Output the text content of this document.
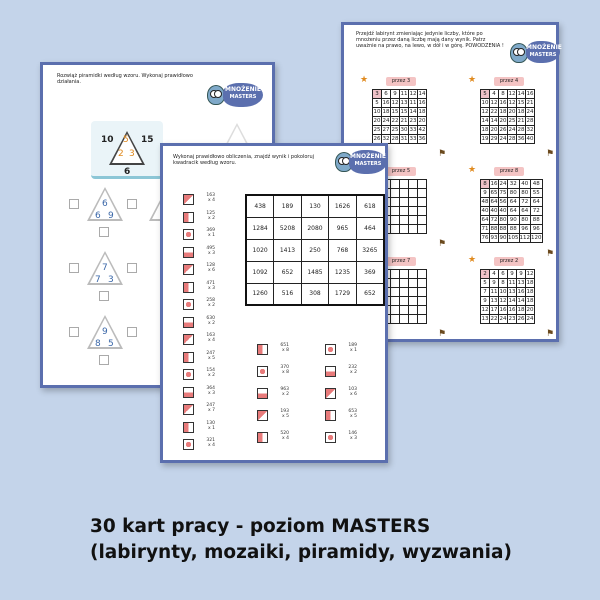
Przejdź labirynt zmieniając jedynie liczby, które po mnożeniu przez daną liczbę mają dany wynik. Patrz uważnie na prawo, na lewo, w dół i w górę. POWODZENIA !	MNOŻENIE
MASTERS
★	przez 3
3	6	9	11	12	14
5	16	12	13	11	16
10	18	15	15	14	18
20	24	22	21	23	20
25	27	25	30	33	42
26	32	28	31	33	36
⚑
★	przez 4
5	4	8	12	14	16
10	12	16	12	15	21
12	22	18	20	18	24
14	14	20	25	21	28
18	20	26	24	28	32
19	29	24	28	36	40
⚑
przez 5

⚑
★	przez 8
8	16	24	32	40	48
9	65	75	80	80	55
48	64	56	64	72	64
40	40	40	64	64	72
64	72	80	90	80	88
71	88	88	88	96	96
76	93	90	105	112	120
⚑
przez 7

⚑
★	przez 2
2	4	6	9	9	12
5	9	8	11	13	18
7	11	10	13	16	18
9	13	12	14	14	18
12	17	16	16	18	20
13	22	24	23	26	24
⚑
Rozwiąż piramidki według wzoru. Wykonaj prawidłowo działania.
MNOŻENIE
MASTERS
10 5 15
2 3
6
6
6 9
7
7 3
9
8 5
Wykonaj prawidłowo obliczenia, znajdź wynik i pokoloruj kwadracik według wzoru.
MNOŻENIE
MASTERS
438	189	130	1626	618
1284	5208	2080	965	464
1020	1413	250	768	3265
1092	652	1485	1235	369
1260	516	308	1729	652
163
x 4
125
x 2
369
x 1
495
x 3
128
x 6
471
x 3
258
x 2
630
x 2
163
x 4
247
x 5
154
x 2
364
x 3
247
x 7
130
x 1
321
x 4
651
x 8
370
x 8
963
x 2
193
x 5
520
x 4
189
x 1
232
x 2
103
x 6
653
x 5
146
x 3
30 kart pracy - poziom MASTERS
(labirynty, mozaiki, piramidy, wyzwania)
